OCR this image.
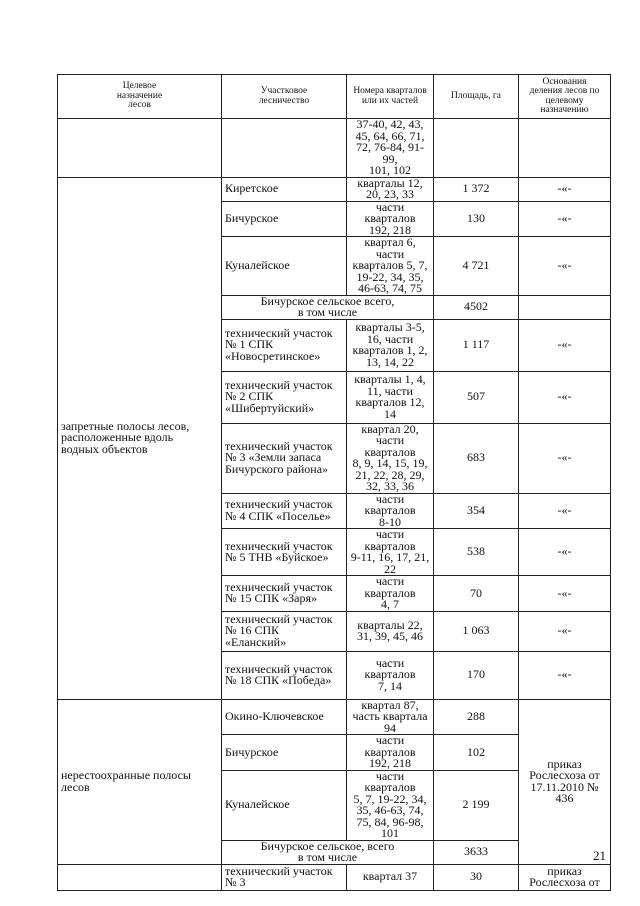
Целевое
назначение
лесов	Участковое
лесничество	Номера кварталов
или их частей	Площадь, га	Основания
деления лесов по
целевому
назначению
		37-40, 42, 43,
45, 64, 66, 71,
72, 76-84, 91-99,
101, 102		
запретные полосы лесов,
расположенные вдоль
водных объектов	Киретское	кварталы 12,
20, 23, 33	1 372	-«-
	Бичурское	части кварталов
192, 218	130	-«-
	Куналейское	квартал 6, части
кварталов 5, 7,
19-22, 34, 35,
46-63, 74, 75	4 721	-«-
	Бичурское сельское всего,
в том числе		4502	
	технический участок
№ 1 СПК
«Новосретинское»	кварталы 3-5,
16, части
кварталов 1, 2,
13, 14, 22	1 117	-«-
	технический участок
№ 2 СПК
«Шибертуйский»	кварталы 1, 4,
11, части
кварталов 12,
14	507	-«-
	технический участок
№ 3 «Земли запаса
Бичурского района»	квартал 20,
части кварталов
8, 9, 14, 15, 19,
21, 22, 28, 29,
32, 33, 36	683	-«-
	технический участок
№ 4 СПК «Поселье»	части кварталов
8-10	354	-«-
	технический участок
№ 5 ТНВ «Буйское»	части кварталов
9-11, 16, 17, 21,
22	538	-«-
	технический участок
№ 15 СПК «Заря»	части кварталов
4, 7	70	-«-
	технический участок
№ 16 СПК
«Еланский»	кварталы 22,
31, 39, 45, 46	1 063	-«-
	технический участок
№ 18 СПК «Победа»	части кварталов
7, 14	170	-«-
нерестоохранные полосы
лесов	Окино-Ключевское	квартал 87,
часть квартала
94	288	приказ
Рослесхоза от
17.11.2010 №
436
	Бичурское	части кварталов
192, 218	102	
	Куналейское	части кварталов
5, 7, 19-22, 34,
35, 46-63, 74,
75, 84, 96-98,
101	2 199	
	Бичурское сельское, всего
в том числе		3633	
	технический участок
№ 3	квартал 37	30	приказ
Рослесхоза от
21
